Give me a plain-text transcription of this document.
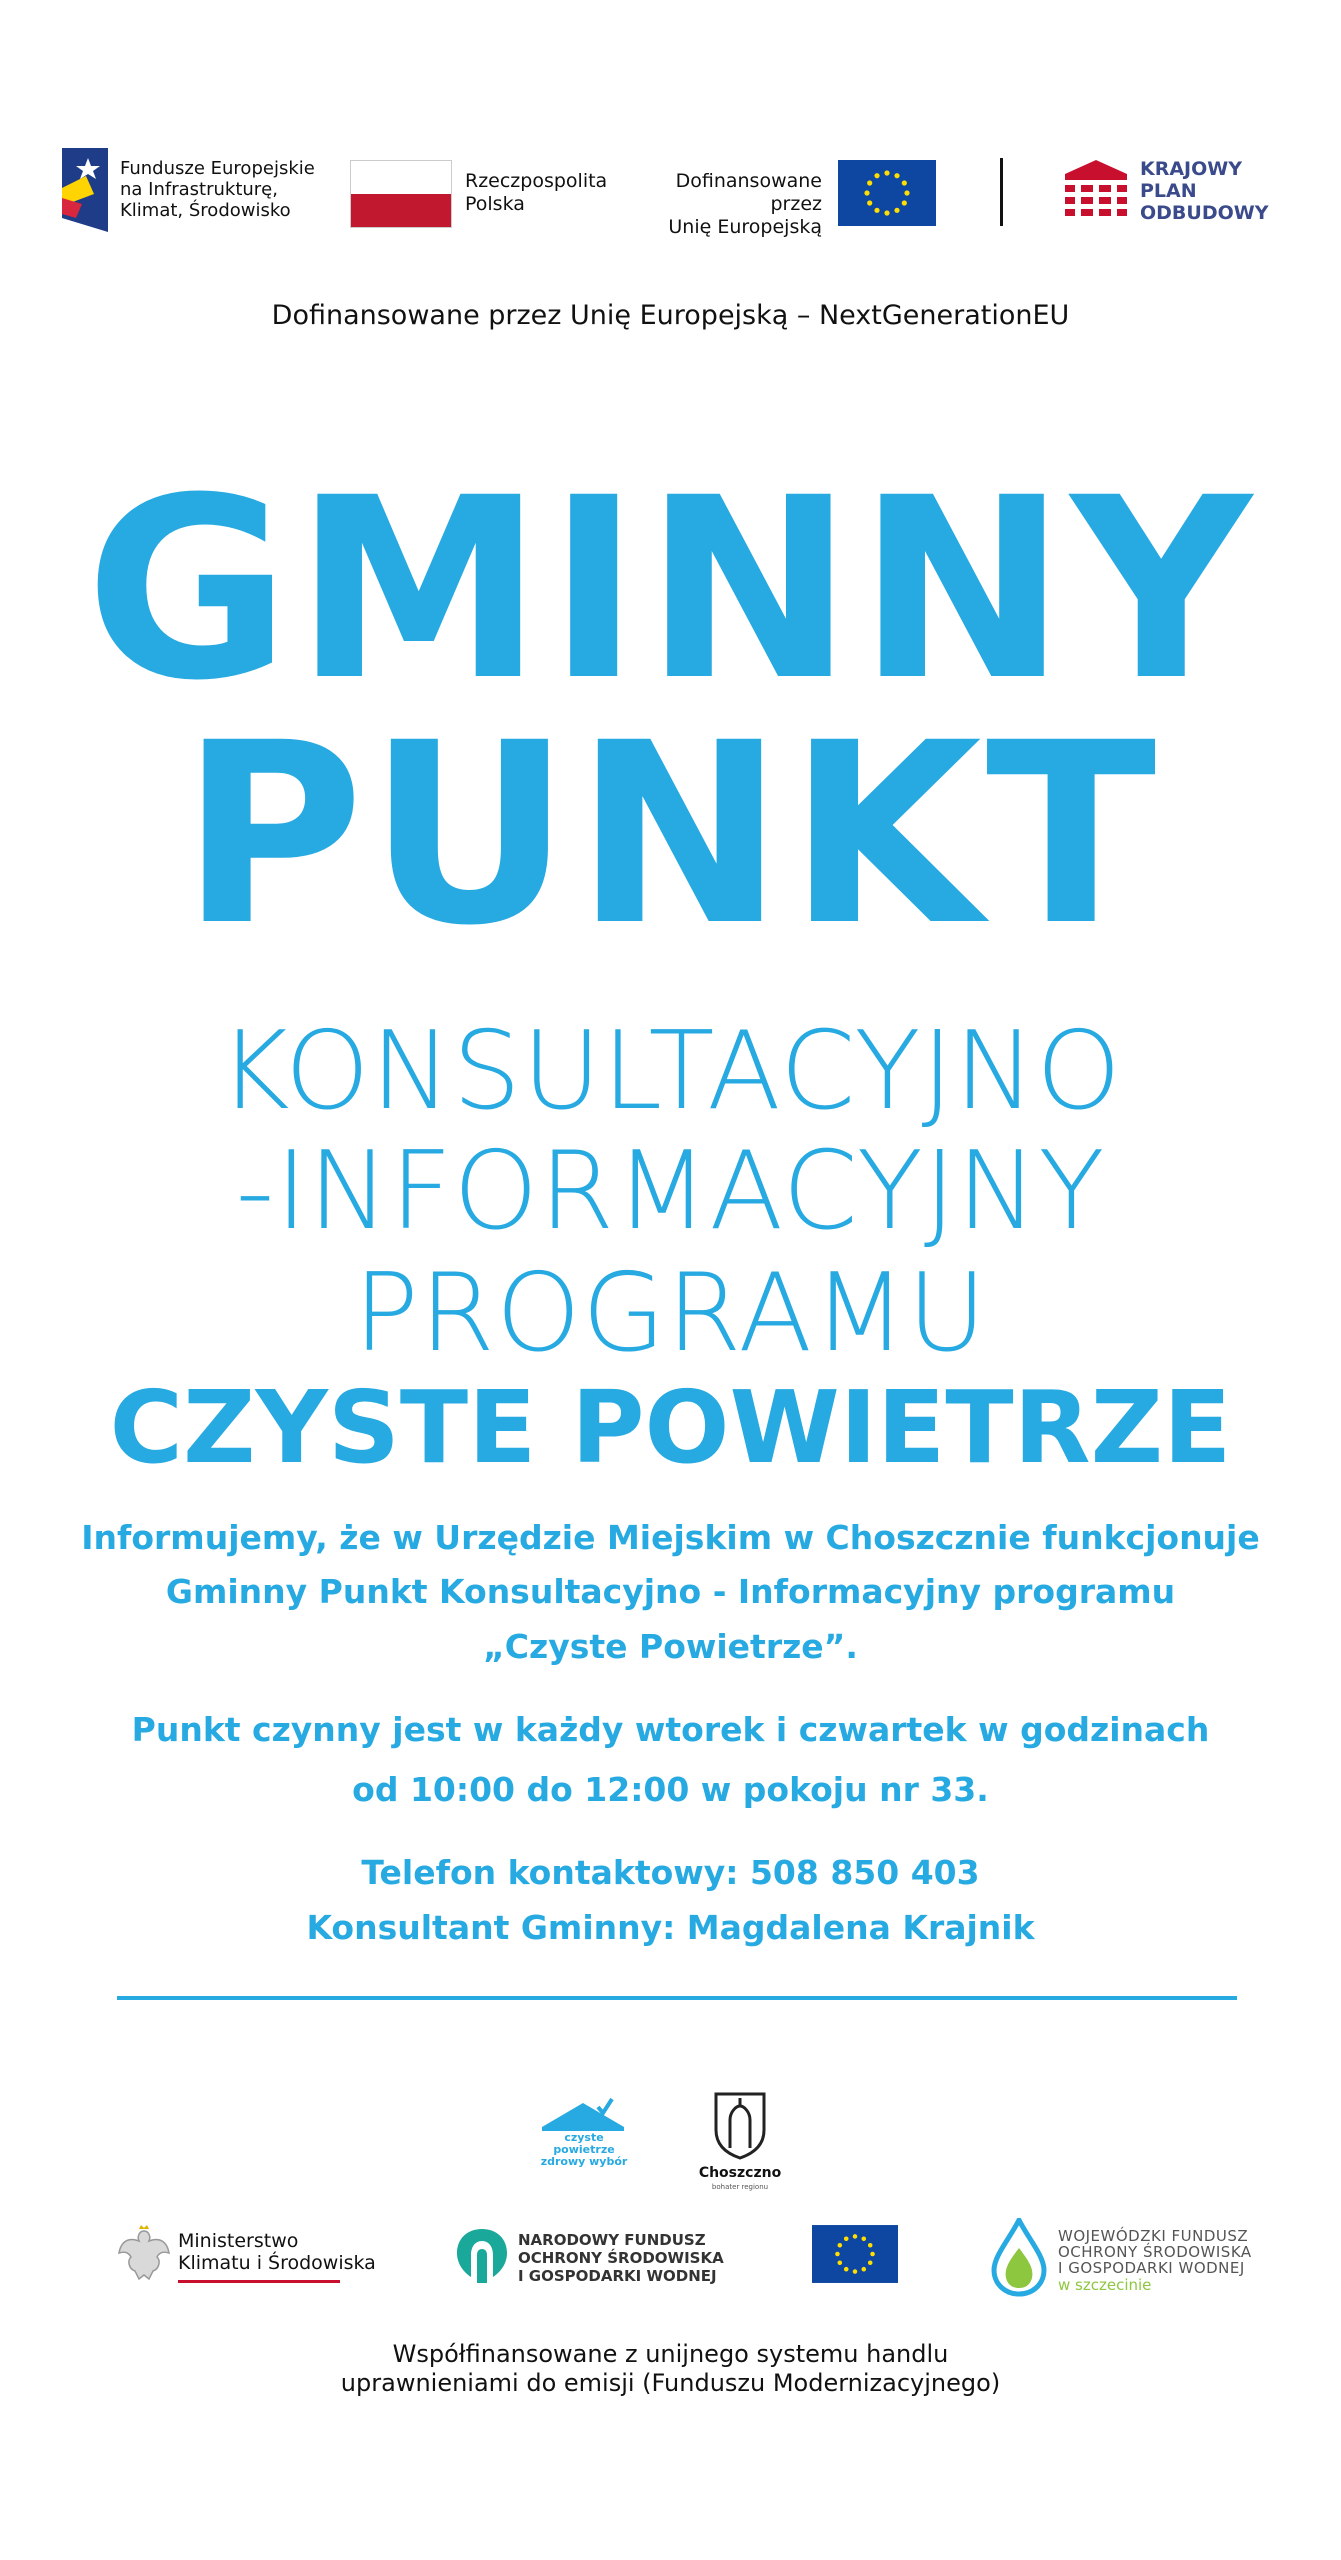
Fundusze Europejskie
na Infrastrukturę,
Klimat, Środowisko
Rzeczpospolita
Polska
Dofinansowane przez
Unię Europejską
KRAJOWY
PLAN
ODBUDOWY
Dofinansowane przez Unię Europejską – NextGenerationEU
GMINNY
PUNKT
KONSULTACYJNO
-INFORMACYJNY
PROGRAMU
CZYSTE POWIETRZE
Informujemy, że w Urzędzie Miejskim w Choszcznie funkcjonuje
Gminny Punkt Konsultacyjno - Informacyjny programu
„Czyste Powietrze”.
Punkt czynny jest w każdy wtorek i czwartek w godzinach
od 10:00 do 12:00 w pokoju nr 33.
Telefon kontaktowy: 508 850 403
Konsultant Gminny: Magdalena Krajnik
czyste powietrze
zdrowy wybór
Choszczno
bohater regionu
Ministerstwo
Klimatu i Środowiska
NARODOWY FUNDUSZ
OCHRONY ŚRODOWISKA
I GOSPODARKI WODNEJ
WOJEWÓDZKI FUNDUSZ
OCHRONY ŚRODOWISKA
I GOSPODARKI WODNEJ
w szczecinie
Współfinansowane z unijnego systemu handlu
uprawnieniami do emisji (Funduszu Modernizacyjnego)
